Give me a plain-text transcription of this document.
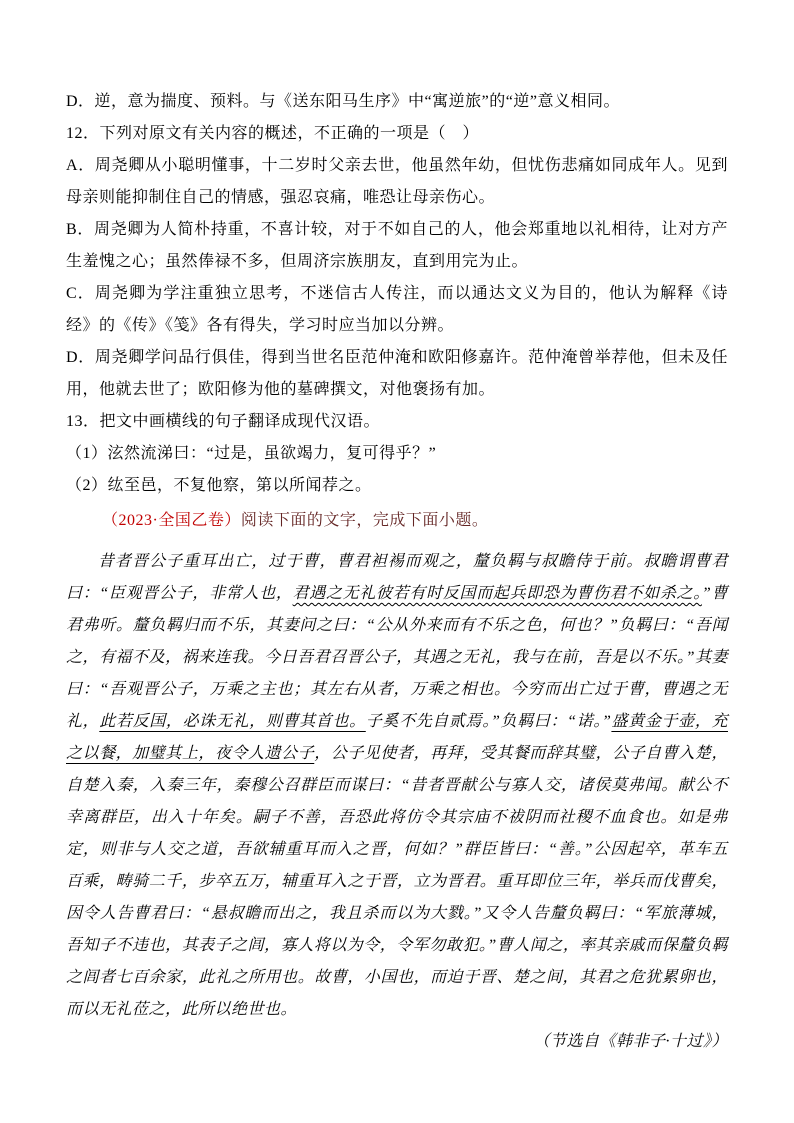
D．逆，意为揣度、预料。与《送东阳马生序》中“寓逆旅”的“逆”意义相同。

12．下列对原文有关内容的概述，不正确的一项是（　）

A．周尧卿从小聪明懂事，十二岁时父亲去世，他虽然年幼，但忧伤悲痛如同成年人。见到母亲则能抑制住自己的情感，强忍哀痛，唯恐让母亲伤心。

B．周尧卿为人简朴持重，不喜计较，对于不如自己的人，他会郑重地以礼相待，让对方产生羞愧之心；虽然俸禄不多，但周济宗族朋友，直到用完为止。

C．周尧卿为学注重独立思考，不迷信古人传注，而以通达文义为目的，他认为解释《诗经》的《传》《笺》各有得失，学习时应当加以分辨。

D．周尧卿学问品行俱佳，得到当世名臣范仲淹和欧阳修嘉许。范仲淹曾举荐他，但未及任用，他就去世了；欧阳修为他的墓碑撰文，对他褒扬有加。

13．把文中画横线的句子翻译成现代汉语。

（1）泫然流涕曰：“过是，虽欲竭力，复可得乎？”

（2）纮至邑，不复他察，第以所闻荐之。

（2023·全国乙卷）阅读下面的文字，完成下面小题。

昔者晋公子重耳出亡，过于曹，曹君袒裼而观之，釐负羁与叔瞻侍于前。叔瞻谓曹君曰：“臣观晋公子，非常人也，君遇之无礼彼若有时反国而起兵即恐为曹伤君不如杀之。”曹君弗听。釐负羁归而不乐，其妻问之曰：“公从外来而有不乐之色，何也？”负羁曰：“吾闻之，有福不及，祸来连我。今日吾君召晋公子，其遇之无礼，我与在前，吾是以不乐。”其妻曰：“吾观晋公子，万乘之主也；其左右从者，万乘之相也。今穷而出亡过于曹，曹遇之无礼，此若反国，必诛无礼，则曹其首也。子奚不先自贰焉。”负羁曰：“诺。”盛黄金于壶，充之以餐，加璧其上，夜令人遗公子，公子见使者，再拜，受其餐而辞其璧，公子自曹入楚，自楚入秦，入秦三年，秦穆公召群臣而谋曰：“昔者晋献公与寡人交，诸侯莫弗闻。献公不幸离群臣，出入十年矣。嗣子不善，吾恐此将仿令其宗庙不祓阴而社稷不血食也。如是弗定，则非与人交之道，吾欲辅重耳而入之晋，何如？”群臣皆曰：“善。”公因起卒，革车五百乘，畴骑二千，步卒五万，辅重耳入之于晋，立为晋君。重耳即位三年，举兵而伐曹矣，因令人告曹君曰：“悬叔瞻而出之，我且杀而以为大戮。”又令人告釐负羁曰：“军旅薄城，吾知子不违也，其表子之闾，寡人将以为令，令军勿敢犯。”曹人闻之，率其亲戚而保釐负羁之闾者七百余家，此礼之所用也。故曹，小国也，而迫于晋、楚之间，其君之危犹累卵也，而以无礼莅之，此所以绝世也。

（节选自《韩非子·十过》）
